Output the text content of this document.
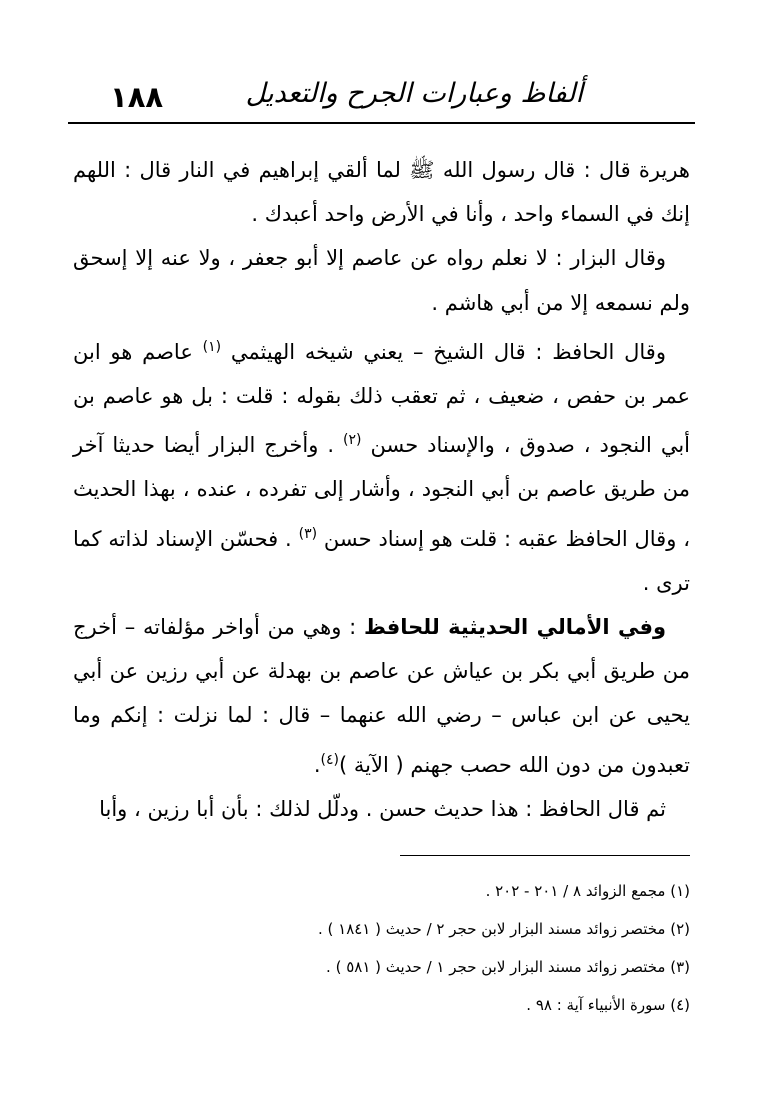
١٨٨	ألفاظ وعبارات الجرح والتعديل

هريرة قال : قال رسول الله ﷺ لما ألقي إبراهيم في النار قال : اللهم إنك في السماء واحد ، وأنا في الأرض واحد أعبدك .

وقال البزار : لا نعلم رواه عن عاصم إلا أبو جعفر ، ولا عنه إلا إسحق ولم نسمعه إلا من أبي هاشم .

وقال الحافظ : قال الشيخ – يعني شيخه الهيثمي $^{(١)}$ عاصم هو ابن عمر بن حفص ، ضعيف ، ثم تعقب ذلك بقوله : قلت : بل هو عاصم بن أبي النجود ، صدوق ، والإسناد حسن $^{(٢)}$ . وأخرج البزار أيضا حديثا آخر من طريق عاصم بن أبي النجود ، وأشار إلى تفرده ، عنده ، بهذا الحديث ، وقال الحافظ عقبه : قلت هو إسناد حسن $^{(٣)}$ . فحسّن الإسناد لذاته كما ترى .

وفي الأمالي الحديثية للحافظ : وهي من أواخر مؤلفاته – أخرج من طريق أبي بكر بن عياش عن عاصم بن بهدلة عن أبي رزين عن أبي يحيى عن ابن عباس – رضي الله عنهما – قال : لما نزلت : إنكم وما تعبدون من دون الله حصب جهنم ( الآية )$^{(٤)}$.

ثم قال الحافظ : هذا حديث حسن . ودلّل لذلك : بأن أبا رزين ، وأبا

(١) مجمع الزوائد ٨ / ٢٠١ - ٢٠٢ .
(٢) مختصر زوائد مسند البزار لابن حجر ٢ / حديث ( ١٨٤١ ) .
(٣) مختصر زوائد مسند البزار لابن حجر ١ / حديث ( ٥٨١ ) .
(٤) سورة الأنبياء آية : ٩٨ .
